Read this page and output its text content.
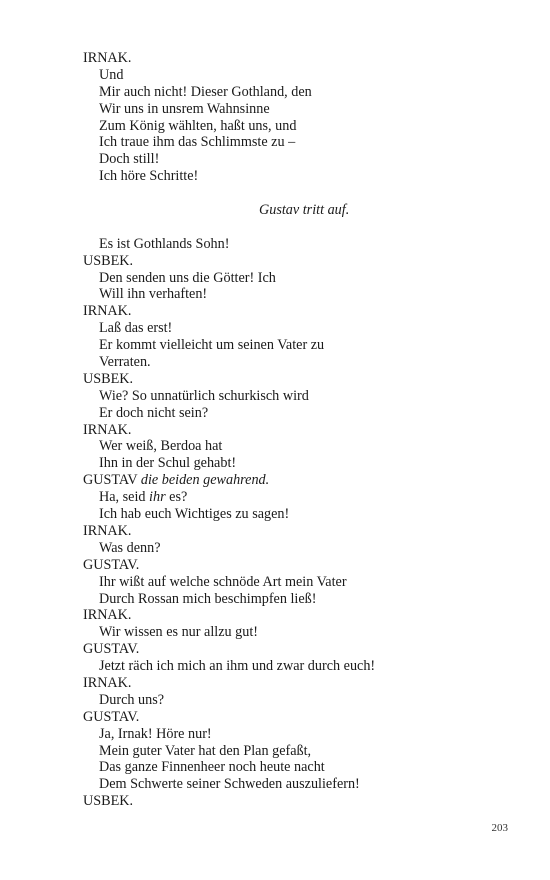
IRNAK.
Und
Mir auch nicht! Dieser Gothland, den
Wir uns in unsrem Wahnsinne
Zum König wählten, haßt uns, und
Ich traue ihm das Schlimmste zu –
Doch still!
Ich höre Schritte!
Gustav tritt auf.
Es ist Gothlands Sohn!
USBEK.
Den senden uns die Götter! Ich
Will ihn verhaften!
IRNAK.
Laß das erst!
Er kommt vielleicht um seinen Vater zu
Verraten.
USBEK.
Wie? So unnatürlich schurkisch wird
Er doch nicht sein?
IRNAK.
Wer weiß, Berdoa hat
Ihn in der Schul gehabt!
GUSTAV die beiden gewahrend.
Ha, seid ihr es?
Ich hab euch Wichtiges zu sagen!
IRNAK.
Was denn?
GUSTAV.
Ihr wißt auf welche schnöde Art mein Vater
Durch Rossan mich beschimpfen ließ!
IRNAK.
Wir wissen es nur allzu gut!
GUSTAV.
Jetzt räch ich mich an ihm und zwar durch euch!
IRNAK.
Durch uns?
GUSTAV.
Ja, Irnak! Höre nur!
Mein guter Vater hat den Plan gefaßt,
Das ganze Finnenheer noch heute nacht
Dem Schwerte seiner Schweden auszuliefern!
USBEK.
203
